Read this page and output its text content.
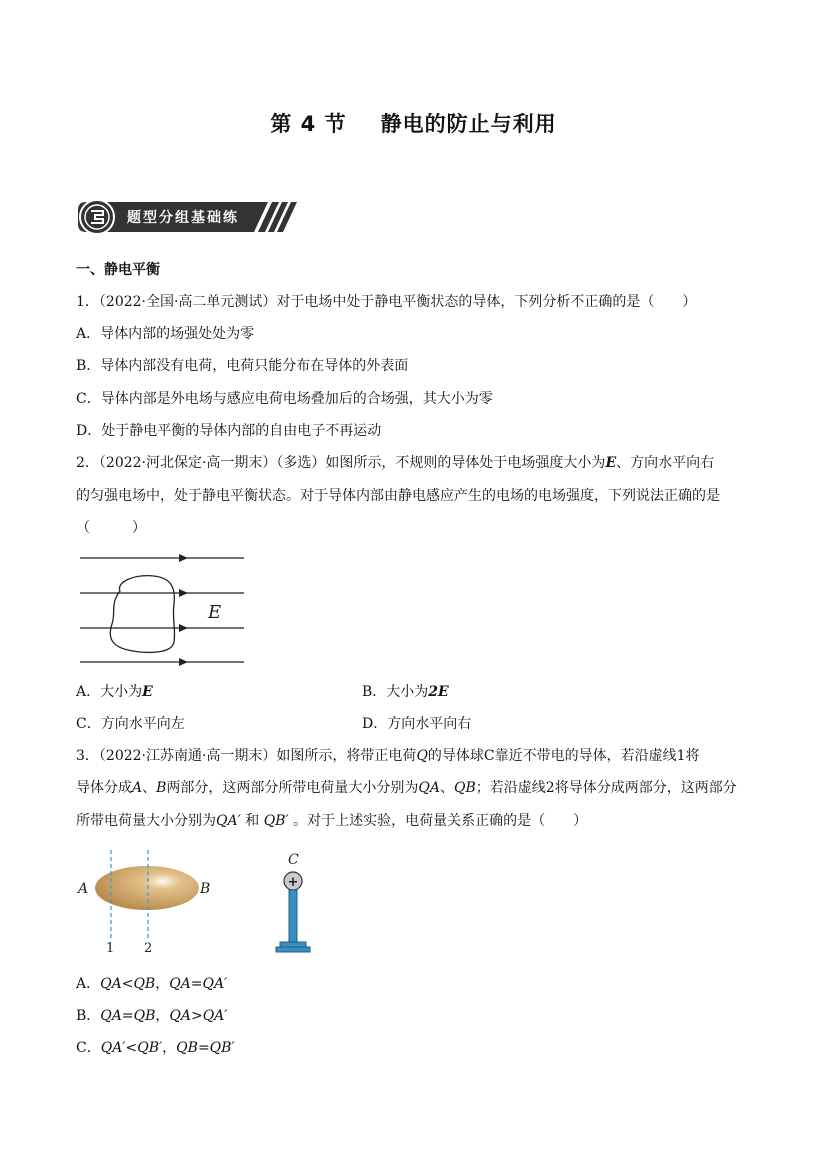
第 4 节 静电的防止与利用
题型分组基础练
一、静电平衡
1．（2022·全国·高二单元测试）对于电场中处于静电平衡状态的导体，下列分析不正确的是（　　）
A．导体内部的场强处处为零
B．导体内部没有电荷，电荷只能分布在导体的外表面
C．导体内部是外电场与感应电荷电场叠加后的合场强，其大小为零
D．处于静电平衡的导体内部的自由电子不再运动
2．（2022·河北保定·高一期末）（多选）如图所示，不规则的导体处于电场强度大小为E、方向水平向右
的匀强电场中，处于静电平衡状态。对于导体内部由静电感应产生的电场的电场强度，下列说法正确的是
（　　　）
E
A．大小为E	B．大小为2E
C．方向水平向左	D．方向水平向右
3．（2022·江苏南通·高一期末）如图所示，将带正电荷Q的导体球C靠近不带电的导体，若沿虚线1将
导体分成A、B两部分，这两部分所带电荷量大小分别为QA、QB；若沿虚线2将导体分成两部分，这两部分
所带电荷量大小分别为QA′ 和 QB′ 。对于上述实验，电荷量关系正确的是（　　）
A	B
1 2
C
+
A．QA<QB，QA=QA′
B．QA=QB，QA>QA′
C．QA′<QB′，QB=QB′
